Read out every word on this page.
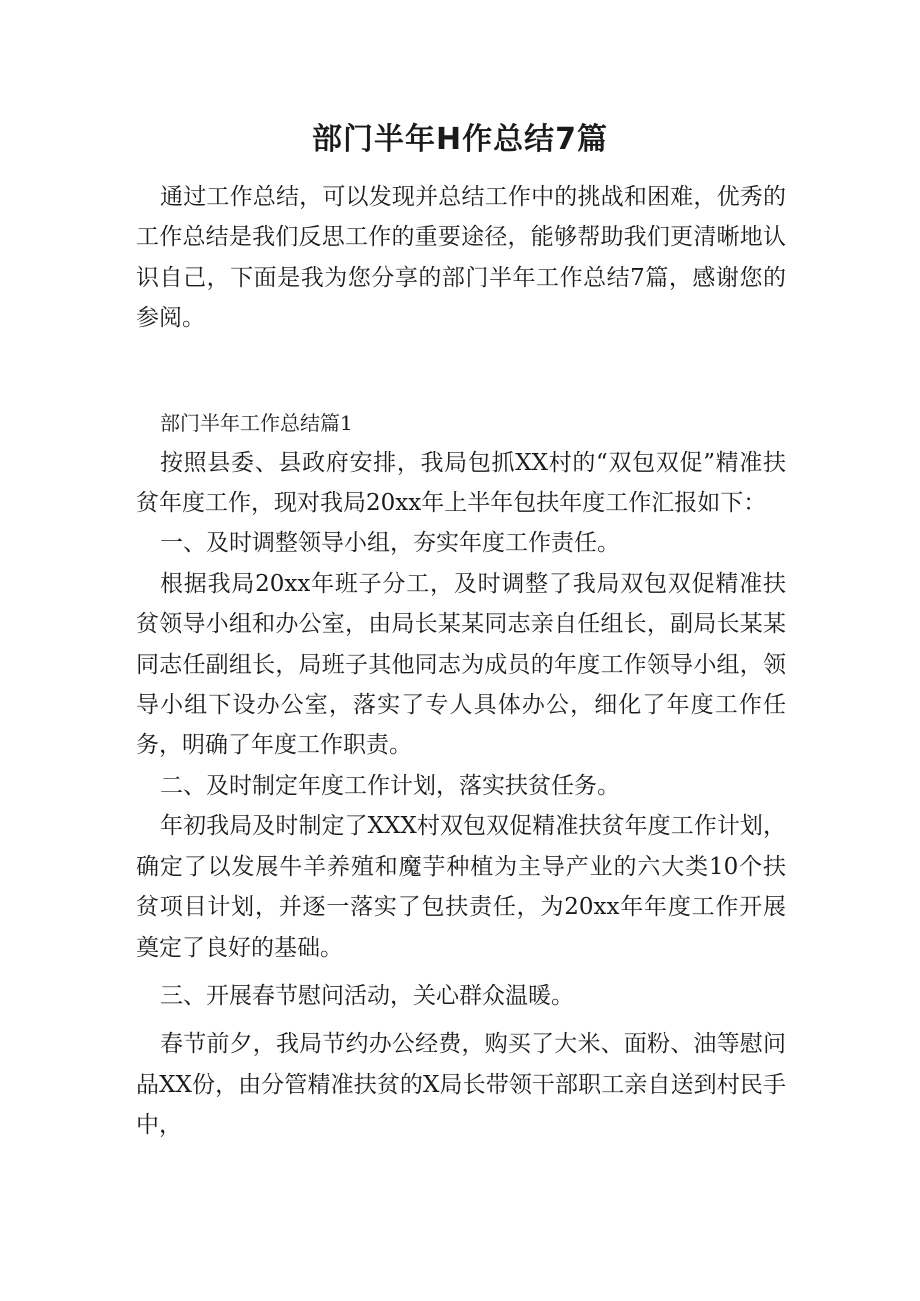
部门半年H作总结7篇

通过工作总结，可以发现并总结工作中的挑战和困难，优秀的工作总结是我们反思工作的重要途径，能够帮助我们更清晰地认识自己，下面是我为您分享的部门半年工作总结7篇，感谢您的参阅。

部门半年工作总结篇1

按照县委、县政府安排，我局包抓XX村的“双包双促”精准扶贫年度工作，现对我局20xx年上半年包扶年度工作汇报如下：

一、及时调整领导小组，夯实年度工作责任。

根据我局20xx年班子分工，及时调整了我局双包双促精准扶贫领导小组和办公室，由局长某某同志亲自任组长，副局长某某同志任副组长，局班子其他同志为成员的年度工作领导小组，领导小组下设办公室，落实了专人具体办公，细化了年度工作任务，明确了年度工作职责。

二、及时制定年度工作计划，落实扶贫任务。

年初我局及时制定了XXX村双包双促精准扶贫年度工作计划，确定了以发展牛羊养殖和魔芋种植为主导产业的六大类10个扶贫项目计划，并逐一落实了包扶责任，为20xx年年度工作开展奠定了良好的基础。

三、开展春节慰问活动，关心群众温暖。

春节前夕，我局节约办公经费，购买了大米、面粉、油等慰问品XX份，由分管精准扶贫的X局长带领干部职工亲自送到村民手中，
